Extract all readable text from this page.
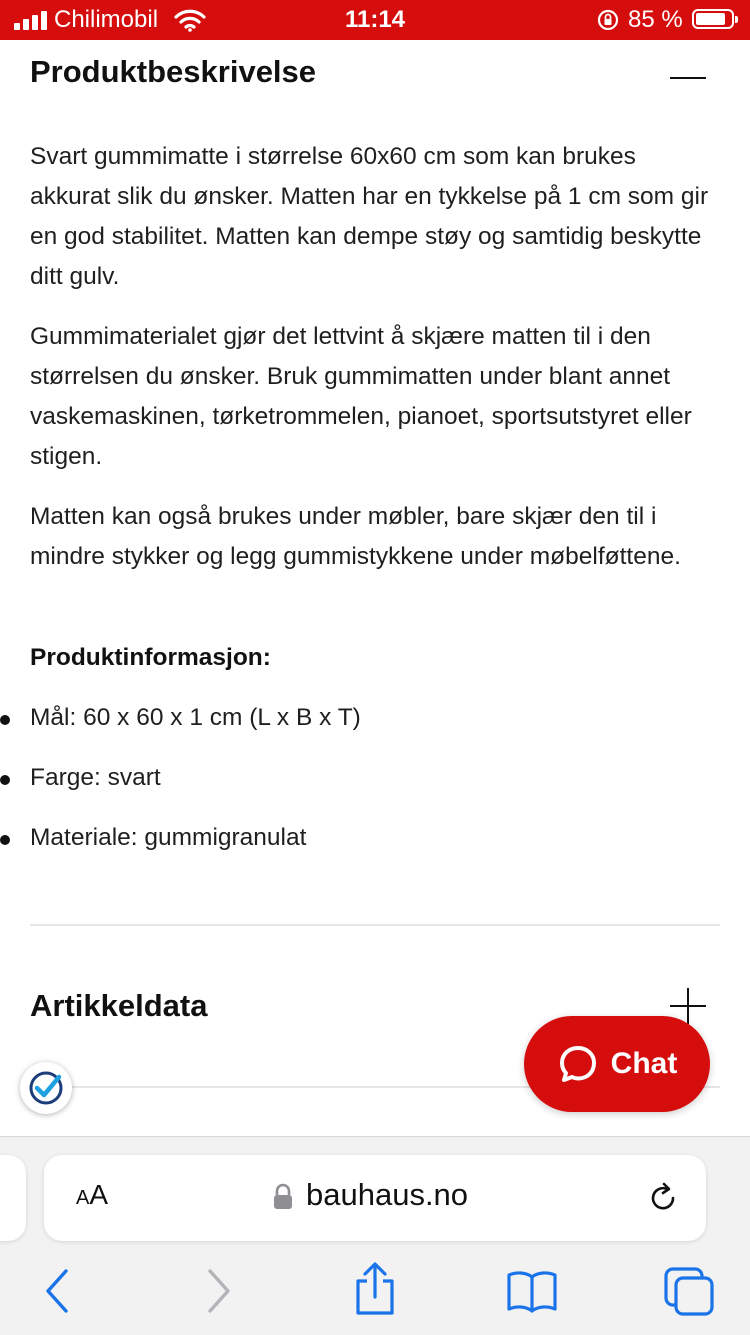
Chilimobil	11:14	85 %
Produktbeskrivelse

Svart gummimatte i størrelse 60x60 cm som kan brukes akkurat slik du ønsker. Matten har en tykkelse på 1 cm som gir en god stabilitet. Matten kan dempe støy og samtidig beskytte ditt gulv.

Gummimaterialet gjør det lettvint å skjære matten til i den størrelsen du ønsker. Bruk gummimatten under blant annet vaskemaskinen, tørketrommelen, pianoet, sportsutstyret eller stigen.

Matten kan også brukes under møbler, bare skjær den til i mindre stykker og legg gummistykkene under møbelføttene.

Produktinformasjon:
Mål: 60 x 60 x 1 cm (L x B x T)
Farge: svart
Materiale: gummigranulat
Artikkeldata
Chat
AA	bauhaus.no
